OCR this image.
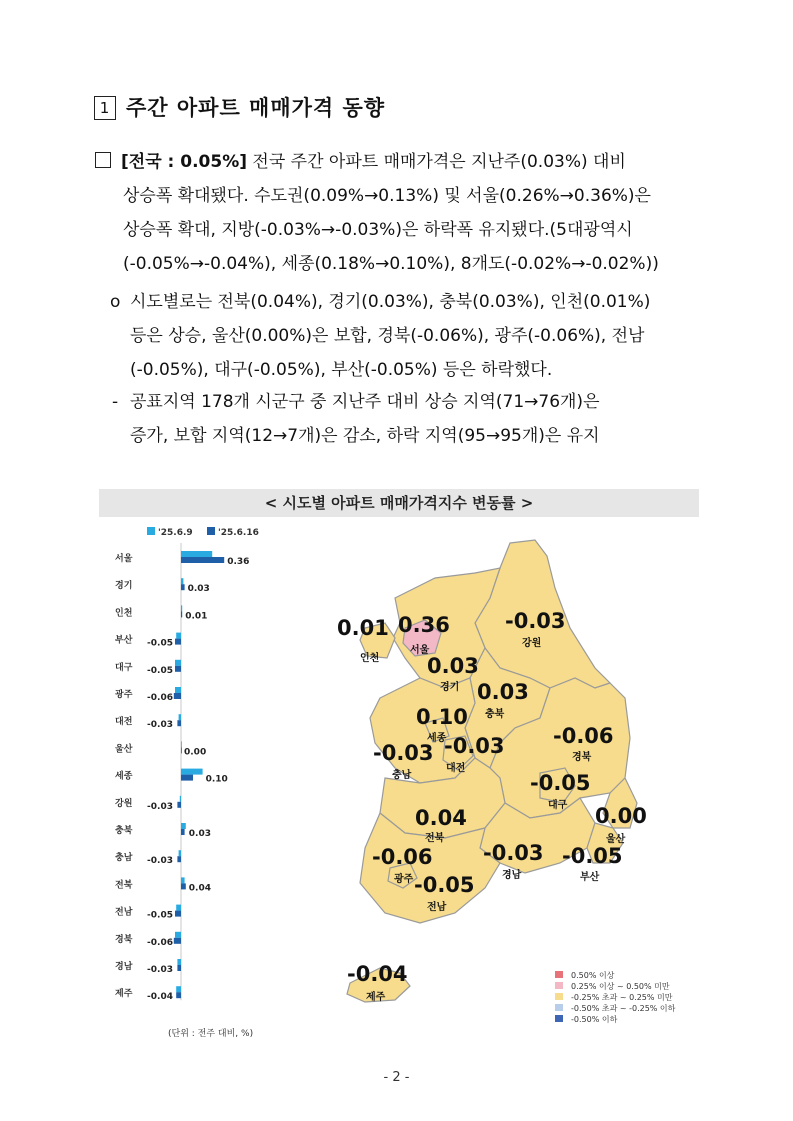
1 주간 아파트 매매가격 동향
[전국 : 0.05%] 전국 주간 아파트 매매가격은 지난주(0.03%) 대비
상승폭 확대됐다. 수도권(0.09%→0.13%) 및 서울(0.26%→0.36%)은
상승폭 확대, 지방(-0.03%→-0.03%)은 하락폭 유지됐다.(5대광역시
(-0.05%→-0.04%), 세종(0.18%→0.10%), 8개도(-0.02%→-0.02%))
o 시도별로는 전북(0.04%), 경기(0.03%), 충북(0.03%), 인천(0.01%)
등은 상승, 울산(0.00%)은 보합, 경북(-0.06%), 광주(-0.06%), 전남
(-0.05%), 대구(-0.05%), 부산(-0.05%) 등은 하락했다.
- 공표지역 178개 시군구 중 지난주 대비 상승 지역(71→76개)은
증가, 보합 지역(12→7개)은 감소, 하락 지역(95→95개)은 유지
< 시도별 아파트 매매가격지수 변동률 >
'25.6.9	'25.6.16
서울	0.36
경기	0.03
인천	0.01
부산 -0.05
대구 -0.05
광주 -0.06
대전 -0.03
울산	0.00
세종	0.10
강원 -0.03
충북	0.03
충남 -0.03
전북	0.04
전남 -0.05
경북 -0.06
경남 -0.03
제주 -0.04
(단위 : 전주 대비, %)
0.01
인천
0.36
서울
-0.03
강원
0.03
경기 0.03
충북
0.10
세종	-0.06
경북
-0.03
충남
-0.03
대전
-0.05
대구
0.04
전북
0.00
울산
-0.06
광주
-0.03
경남
-0.05
부산
-0.05
전남
-0.04
제주
0.50% 이상
0.25% 이상 ~ 0.50% 미만
-0.25% 초과 ~ 0.25% 미만
-0.50% 초과 ~ -0.25% 이하
-0.50% 이하
- 2 -
